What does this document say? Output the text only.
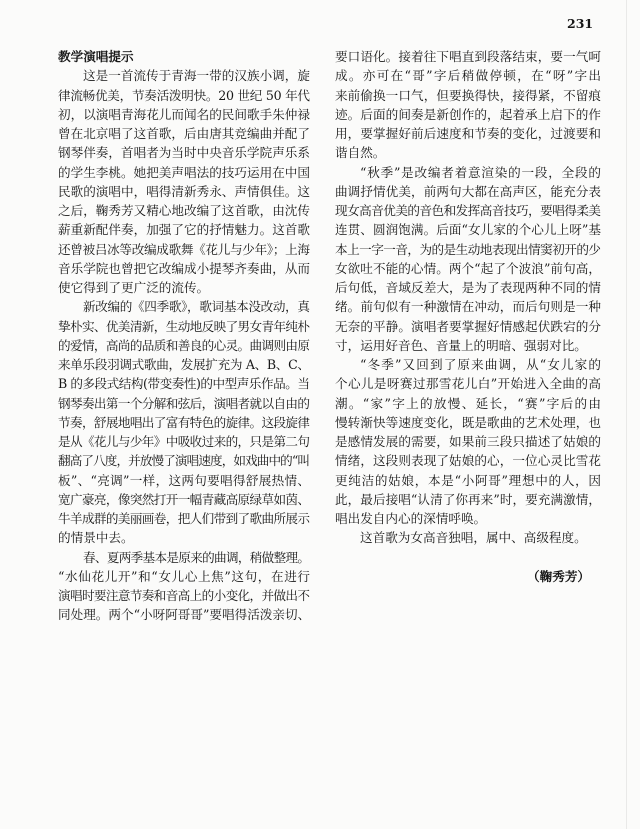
231
教学演唱提示
这是一首流传于青海一带的汉族小调，旋
律流畅优美，节奏活泼明快。20 世纪 50 年代
初，以演唱青海花儿而闻名的民间歌手朱仲禄
曾在北京唱了这首歌，后由唐其竞编曲并配了
钢琴伴奏，首唱者为当时中央音乐学院声乐系
的学生李桃。她把美声唱法的技巧运用在中国
民歌的演唱中，唱得清新秀永、声情俱佳。这
之后，鞠秀芳又精心地改编了这首歌，由沈传
薪重新配伴奏，加强了它的抒情魅力。这首歌
还曾被吕冰等改编成歌舞《花儿与少年》；上海
音乐学院也曾把它改编成小提琴齐奏曲，从而
使它得到了更广泛的流传。
新改编的《四季歌》，歌词基本没改动，真
挚朴实、优美清新，生动地反映了男女青年纯朴
的爱情，高尚的品质和善良的心灵。曲调则由原
来单乐段羽调式歌曲，发展扩充为 A、B、C、
B 的多段式结构(带变奏性)的中型声乐作品。当
钢琴奏出第一个分解和弦后，演唱者就以自由的
节奏，舒展地唱出了富有特色的旋律。这段旋律
是从《花儿与少年》中吸收过来的，只是第二句
翻高了八度，并放慢了演唱速度，如戏曲中的“叫
板”、“亮调”一样，这两句要唱得舒展热情、
宽广豪亮，像突然打开一幅青藏高原绿草如茵、
牛羊成群的美丽画卷，把人们带到了歌曲所展示
的情景中去。
春、夏两季基本是原来的曲调，稍做整理。
“水仙花儿开”和“女儿心上焦”这句，在进行
演唱时要注意节奏和音高上的小变化，并做出不
同处理。两个“小呀阿哥哥”要唱得活泼亲切、
要口语化。接着往下唱直到段落结束，要一气呵
成。亦可在“哥”字后稍做停顿，在“呀”字出
来前偷换一口气，但要换得快，接得紧，不留痕
迹。后面的间奏是新创作的，起着承上启下的作
用，要掌握好前后速度和节奏的变化，过渡要和
谐自然。
“秋季”是改编者着意渲染的一段，全段的
曲调抒情优美，前两句大都在高声区，能充分表
现女高音优美的音色和发挥高音技巧，要唱得柔美
连贯、圆润饱满。后面“女儿家的个心儿上呀”基
本上一字一音，为的是生动地表现出情窦初开的少
女欲吐不能的心情。两个“起了个波浪”前句高，
后句低，音域反差大，是为了表现两种不同的情
绪。前句似有一种激情在冲动，而后句则是一种
无奈的平静。演唱者要掌握好情感起伏跌宕的分
寸，运用好音色、音量上的明暗、强弱对比。
“冬季”又回到了原来曲调，从“女儿家的
个心儿是呀赛过那雪花儿白”开始进入全曲的高
潮。“家”字上的放慢、延长，“赛”字后的由
慢转渐快等速度变化，既是歌曲的艺术处理，也
是感情发展的需要，如果前三段只描述了姑娘的
情绪，这段则表现了姑娘的心，一位心灵比雪花
更纯洁的姑娘，本是“小阿哥”理想中的人，因
此，最后接唱“认清了你再来”时，要充满激情，
唱出发自内心的深情呼唤。
这首歌为女高音独唱，属中、高级程度。
（鞠秀芳）
